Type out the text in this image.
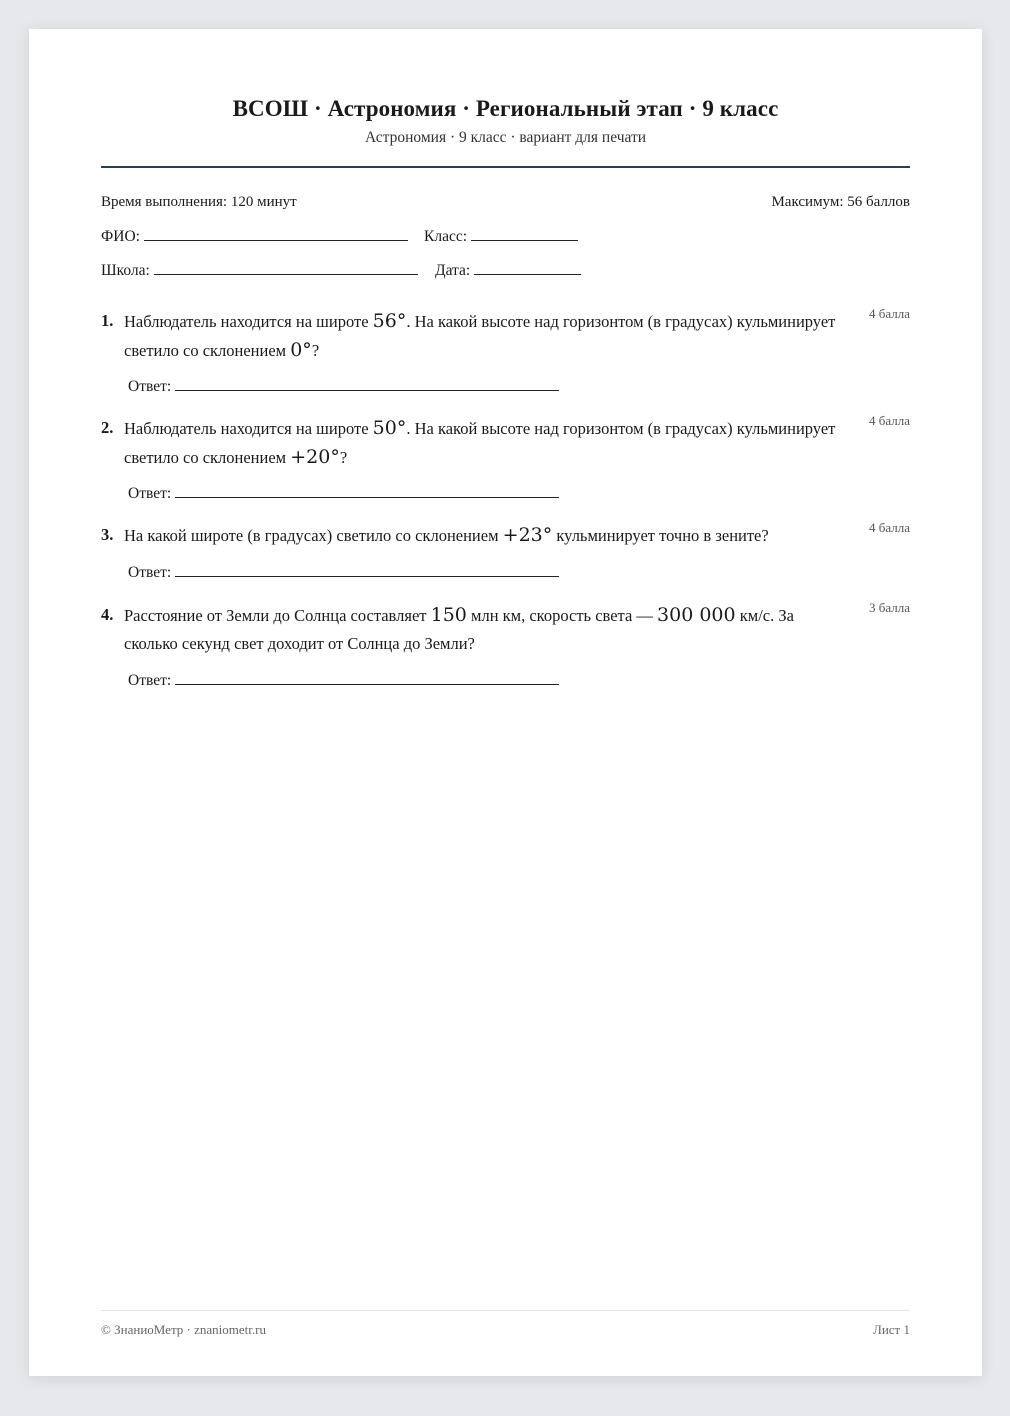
ВСОШ · Астрономия · Региональный этап · 9 класс
Астрономия · 9 класс · вариант для печати
Время выполнения: 120 минут	Максимум: 56 баллов
ФИО:	Класс:
Школа:	Дата:
1. Наблюдатель находится на широте 56°. На какой высоте над горизонтом (в градусах) кульминирует светило со склонением 0°?
4 балла
Ответ:
2. Наблюдатель находится на широте 50°. На какой высоте над горизонтом (в градусах) кульминирует светило со склонением +20°?
4 балла
Ответ:
3. На какой широте (в градусах) светило со склонением +23° кульминирует точно в зените?	4 балла
Ответ:
4. Расстояние от Земли до Солнца составляет 150 млн км, скорость света — 300 000 км/с. За сколько секунд свет доходит от Солнца до Земли?
3 балла
Ответ:
© ЗнаниоМетр · znaniometr.ru	Лист 1
